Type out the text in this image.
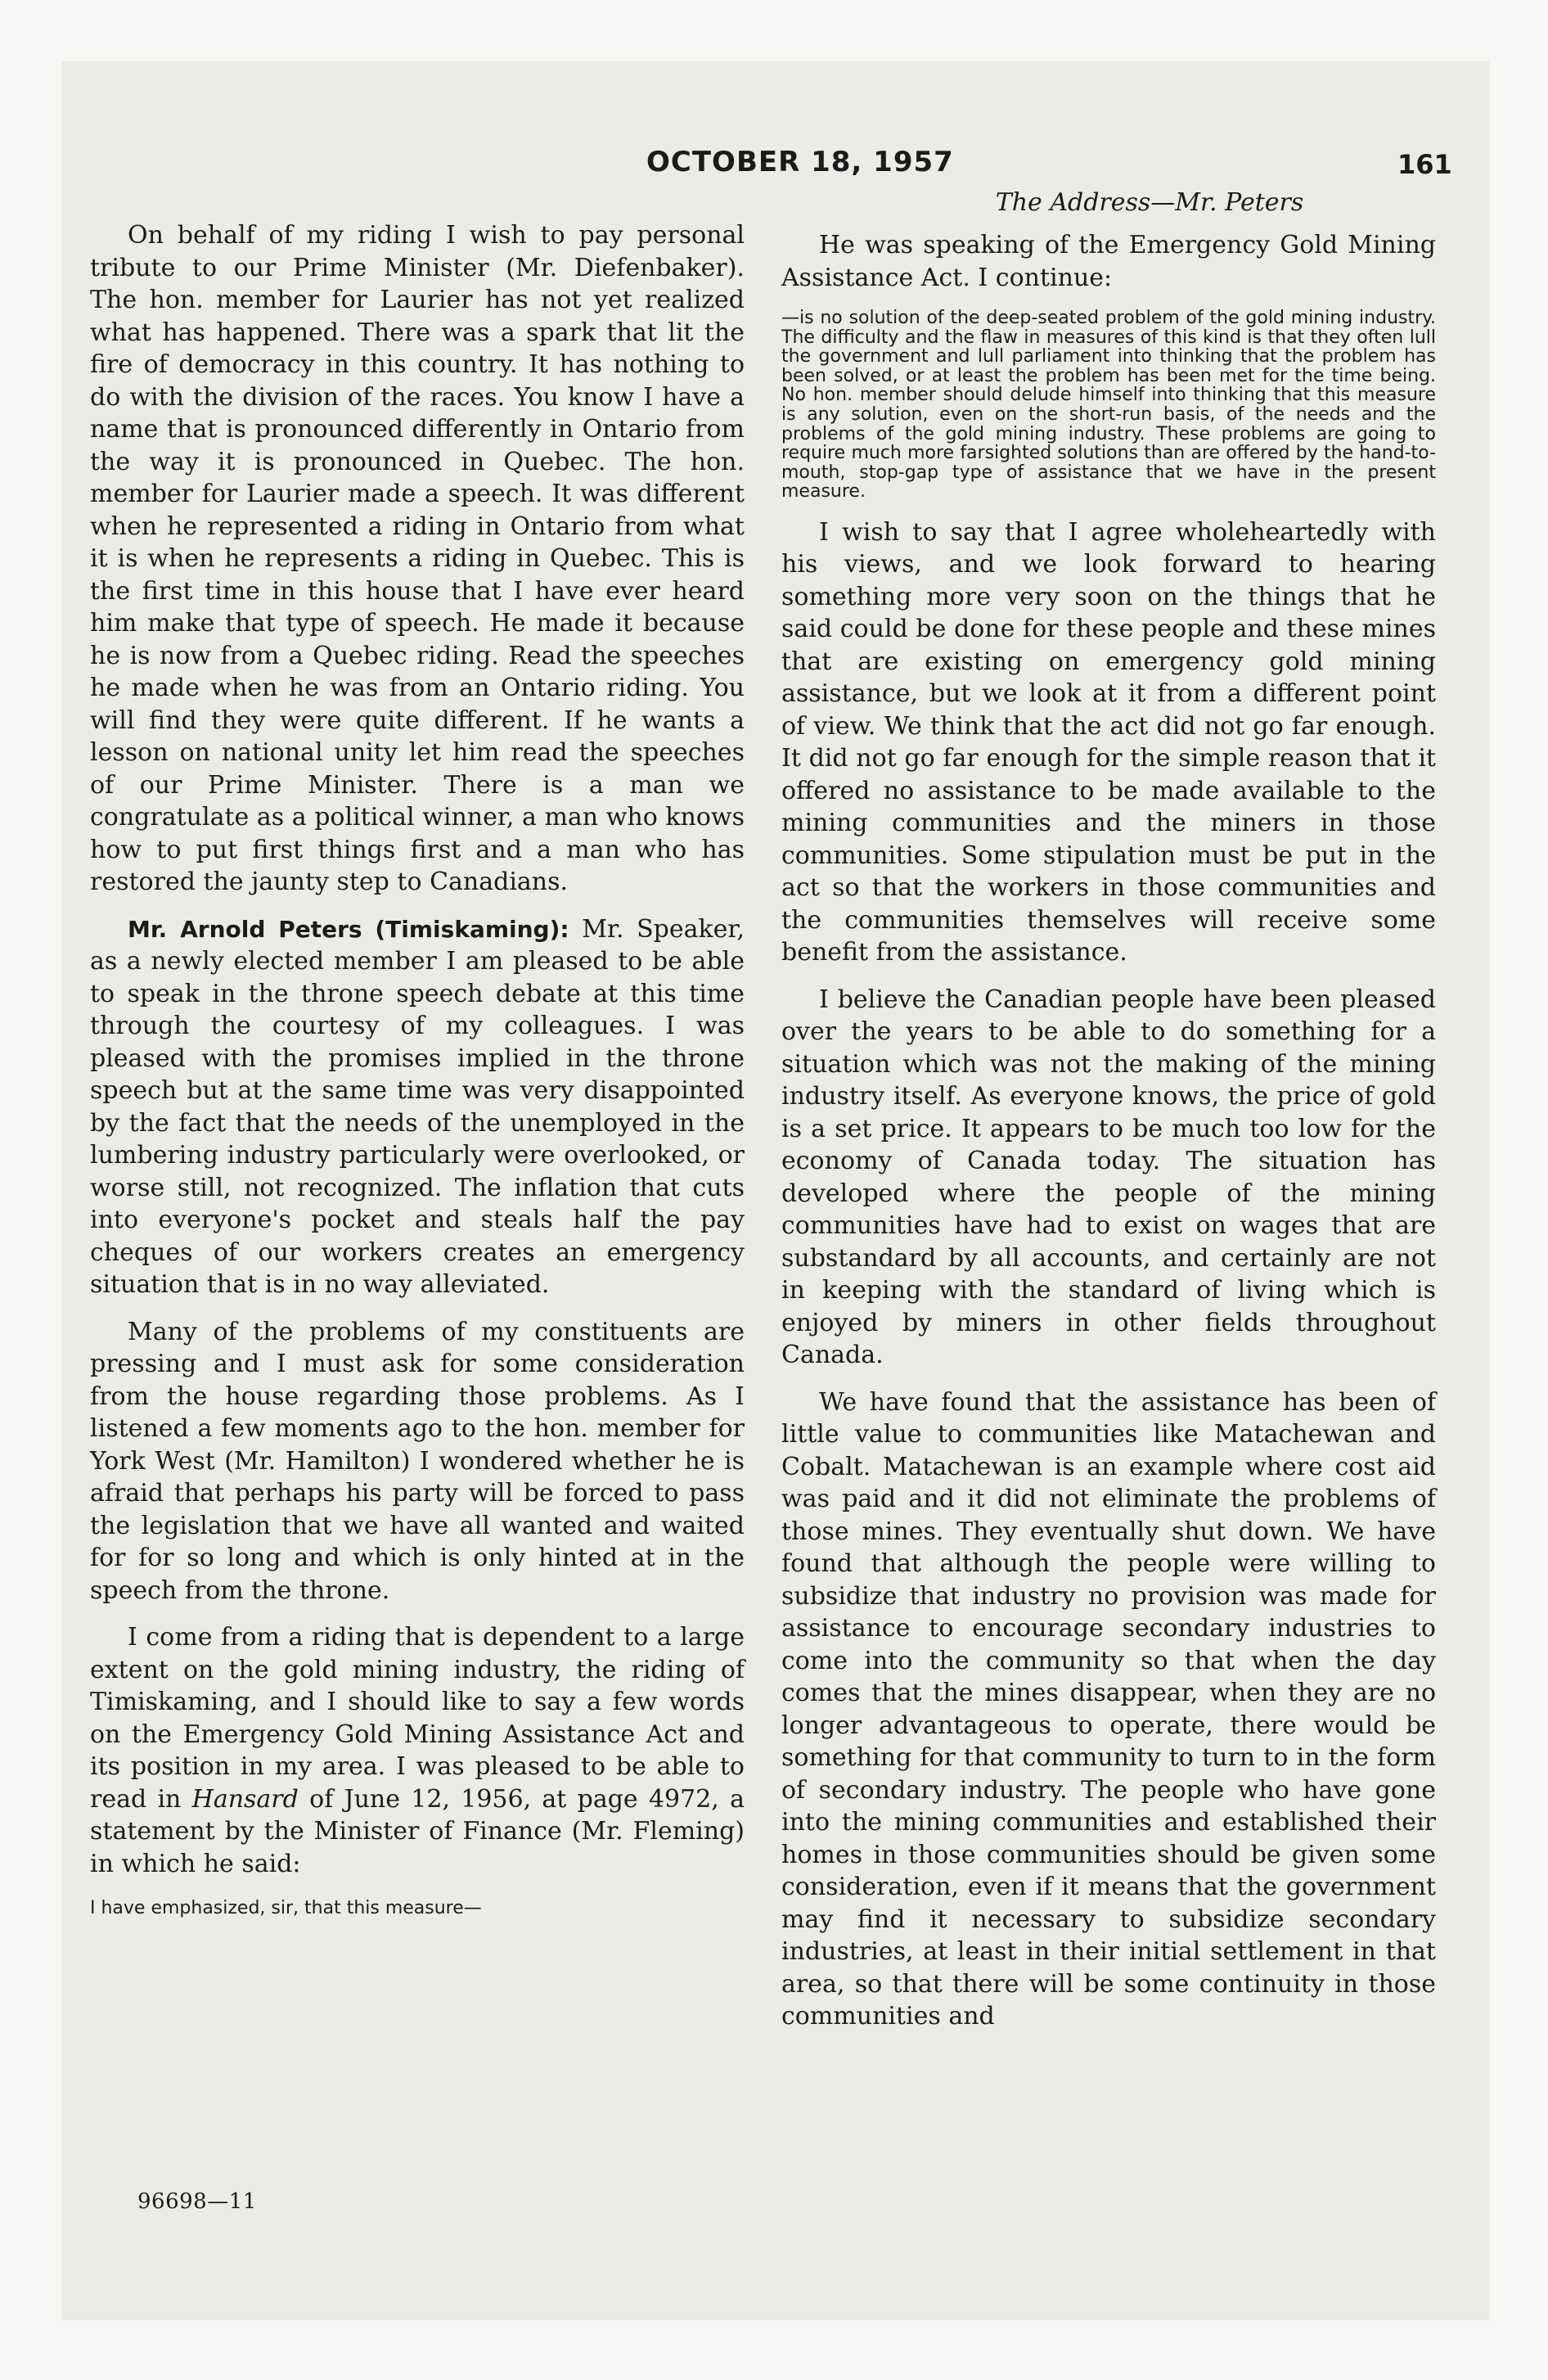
OCTOBER 18, 1957	161
The Address—Mr. Peters

On behalf of my riding I wish to pay personal tribute to our Prime Minister (Mr. Diefenbaker). The hon. member for Laurier has not yet realized what has happened. There was a spark that lit the fire of democracy in this country. It has nothing to do with the division of the races. You know I have a name that is pronounced differently in Ontario from the way it is pronounced in Quebec. The hon. member for Laurier made a speech. It was different when he represented a riding in Ontario from what it is when he represents a riding in Quebec. This is the first time in this house that I have ever heard him make that type of speech. He made it because he is now from a Quebec riding. Read the speeches he made when he was from an Ontario riding. You will find they were quite different. If he wants a lesson on national unity let him read the speeches of our Prime Minister. There is a man we congratulate as a political winner, a man who knows how to put first things first and a man who has restored the jaunty step to Canadians.

Mr. Arnold Peters (Timiskaming): Mr. Speaker, as a newly elected member I am pleased to be able to speak in the throne speech debate at this time through the courtesy of my colleagues. I was pleased with the promises implied in the throne speech but at the same time was very disappointed by the fact that the needs of the unemployed in the lumbering industry particularly were overlooked, or worse still, not recognized. The inflation that cuts into everyone's pocket and steals half the pay cheques of our workers creates an emergency situation that is in no way alleviated.

Many of the problems of my constituents are pressing and I must ask for some consideration from the house regarding those problems. As I listened a few moments ago to the hon. member for York West (Mr. Hamilton) I wondered whether he is afraid that perhaps his party will be forced to pass the legislation that we have all wanted and waited for for so long and which is only hinted at in the speech from the throne.

I come from a riding that is dependent to a large extent on the gold mining industry, the riding of Timiskaming, and I should like to say a few words on the Emergency Gold Mining Assistance Act and its position in my area. I was pleased to be able to read in Hansard of June 12, 1956, at page 4972, a statement by the Minister of Finance (Mr. Fleming) in which he said:

I have emphasized, sir, that this measure—

He was speaking of the Emergency Gold Mining Assistance Act. I continue:

—is no solution of the deep-seated problem of the gold mining industry. The difficulty and the flaw in measures of this kind is that they often lull the government and lull parliament into thinking that the problem has been solved, or at least the problem has been met for the time being. No hon. member should delude himself into thinking that this measure is any solution, even on the short-run basis, of the needs and the problems of the gold mining industry. These problems are going to require much more farsighted solutions than are offered by the hand-to-mouth, stop-gap type of assistance that we have in the present measure.

I wish to say that I agree wholeheartedly with his views, and we look forward to hearing something more very soon on the things that he said could be done for these people and these mines that are existing on emergency gold mining assistance, but we look at it from a different point of view. We think that the act did not go far enough. It did not go far enough for the simple reason that it offered no assistance to be made available to the mining communities and the miners in those communities. Some stipulation must be put in the act so that the workers in those communities and the communities themselves will receive some benefit from the assistance.

I believe the Canadian people have been pleased over the years to be able to do something for a situation which was not the making of the mining industry itself. As everyone knows, the price of gold is a set price. It appears to be much too low for the economy of Canada today. The situation has developed where the people of the mining communities have had to exist on wages that are substandard by all accounts, and certainly are not in keeping with the standard of living which is enjoyed by miners in other fields throughout Canada.

We have found that the assistance has been of little value to communities like Matachewan and Cobalt. Matachewan is an example where cost aid was paid and it did not eliminate the problems of those mines. They eventually shut down. We have found that although the people were willing to subsidize that industry no provision was made for assistance to encourage secondary industries to come into the community so that when the day comes that the mines disappear, when they are no longer advantageous to operate, there would be something for that community to turn to in the form of secondary industry. The people who have gone into the mining communities and established their homes in those communities should be given some consideration, even if it means that the government may find it necessary to subsidize secondary industries, at least in their initial settlement in that area, so that there will be some continuity in those communities and

96698—11
